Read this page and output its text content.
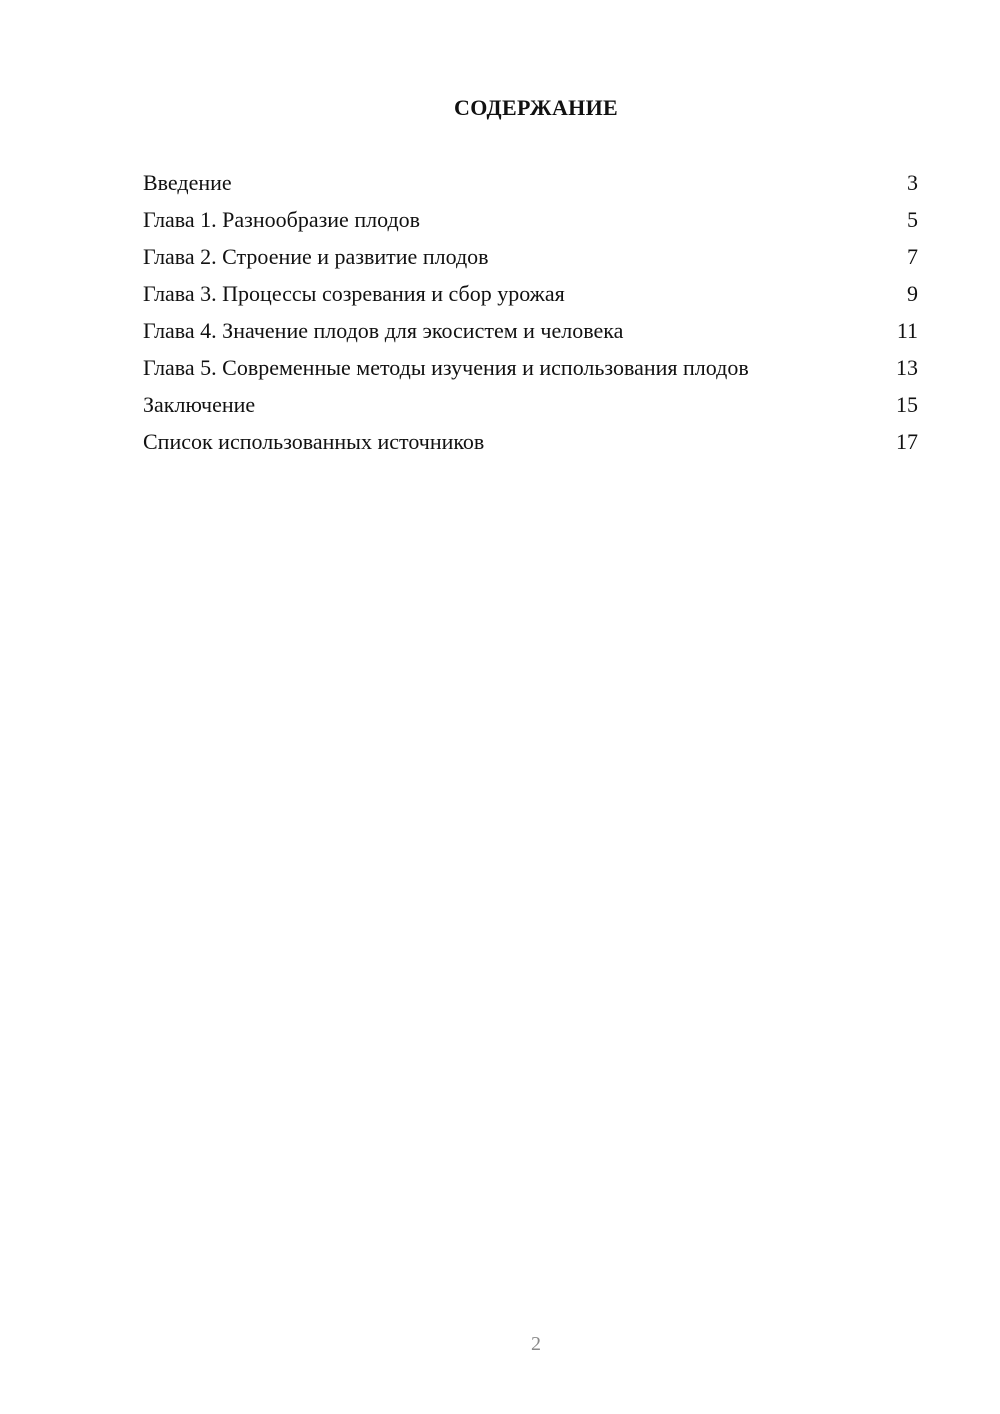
СОДЕРЖАНИЕ
Введение	3
Глава 1. Разнообразие плодов	5
Глава 2. Строение и развитие плодов	7
Глава 3. Процессы созревания и сбор урожая	9
Глава 4. Значение плодов для экосистем и человека	11
Глава 5. Современные методы изучения и использования плодов	13
Заключение	15
Список использованных источников	17
2
